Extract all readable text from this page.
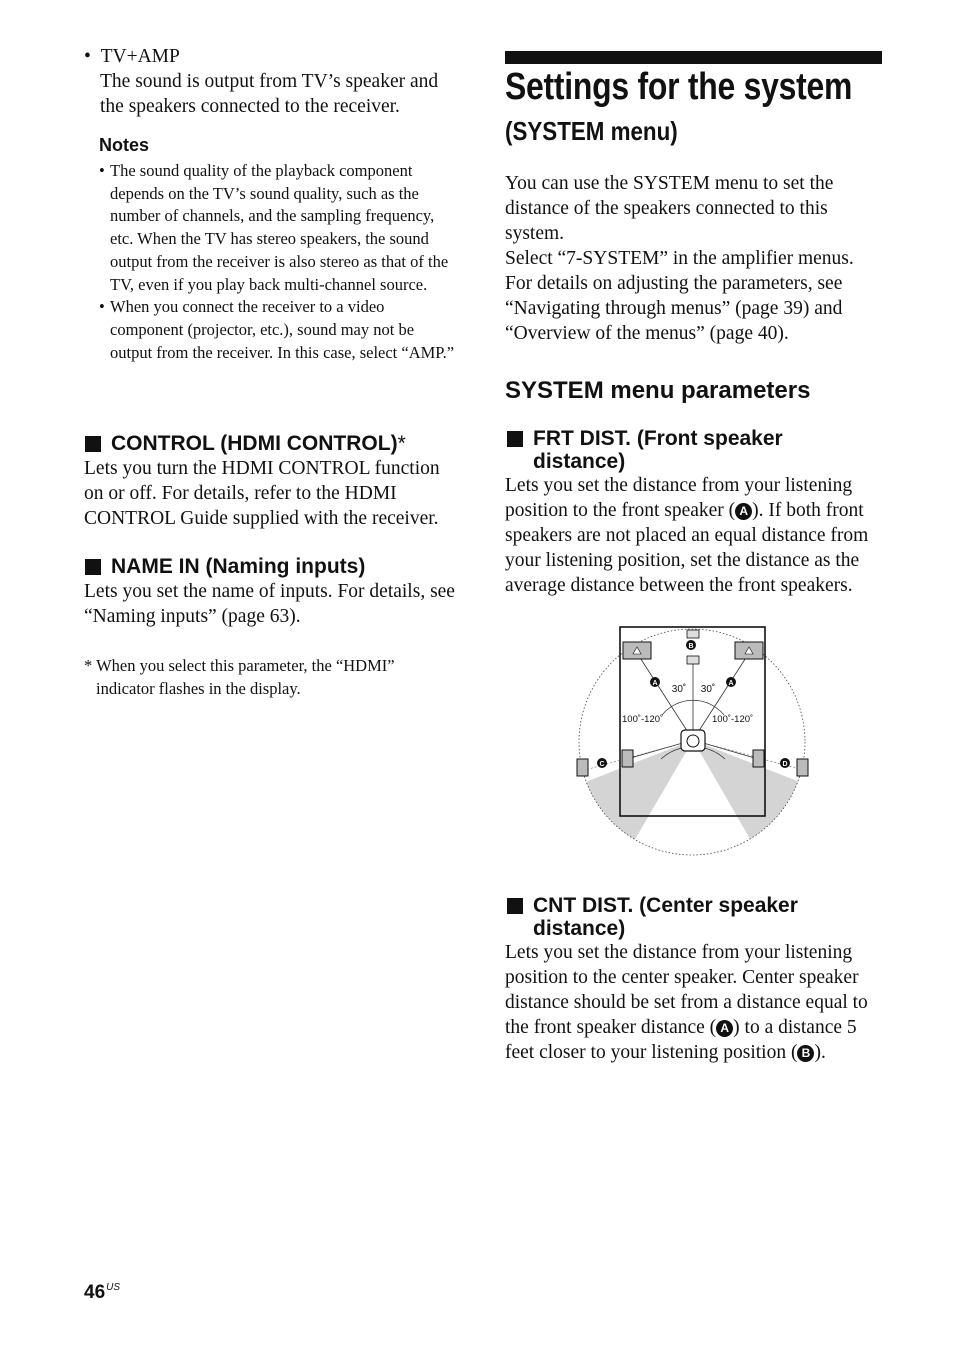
•  TV+AMP
The sound is output from TV’s speaker and the speakers connected to the receiver.
Notes
• The sound quality of the playback component depends on the TV’s sound quality, such as the number of channels, and the sampling frequency, etc. When the TV has stereo speakers, the sound output from the receiver is also stereo as that of the TV, even if you play back multi-channel source.
• When you connect the receiver to a video component (projector, etc.), sound may not be output from the receiver. In this case, select “AMP.”
CONTROL (HDMI CONTROL)*
Lets you turn the HDMI CONTROL function on or off. For details, refer to the HDMI CONTROL Guide supplied with the receiver.
NAME IN (Naming inputs)
Lets you set the name of inputs. For details, see “Naming inputs” (page 63).
* When you select this parameter, the “HDMI”
indicator flashes in the display.
Settings for the system
(SYSTEM menu)
You can use the SYSTEM menu to set the distance of the speakers connected to this system.
Select “7-SYSTEM” in the amplifier menus. For details on adjusting the parameters, see “Navigating through menus” (page 39) and “Overview of the menus” (page 40).
SYSTEM menu parameters
FRT DIST. (Front speaker
distance)
Lets you set the distance from your listening position to the front speaker ( A ). If both front speakers are not placed an equal distance from your listening position, set the distance as the average distance between the front speakers.
B
A	A
C	D
30˚ 30˚
100˚-120˚	100˚-120˚
CNT DIST. (Center speaker
distance)
Lets you set the distance from your listening position to the center speaker. Center speaker distance should be set from a distance equal to the front speaker distance ( A ) to a distance 5 feet closer to your listening position ( B ).
$46^{US}$
